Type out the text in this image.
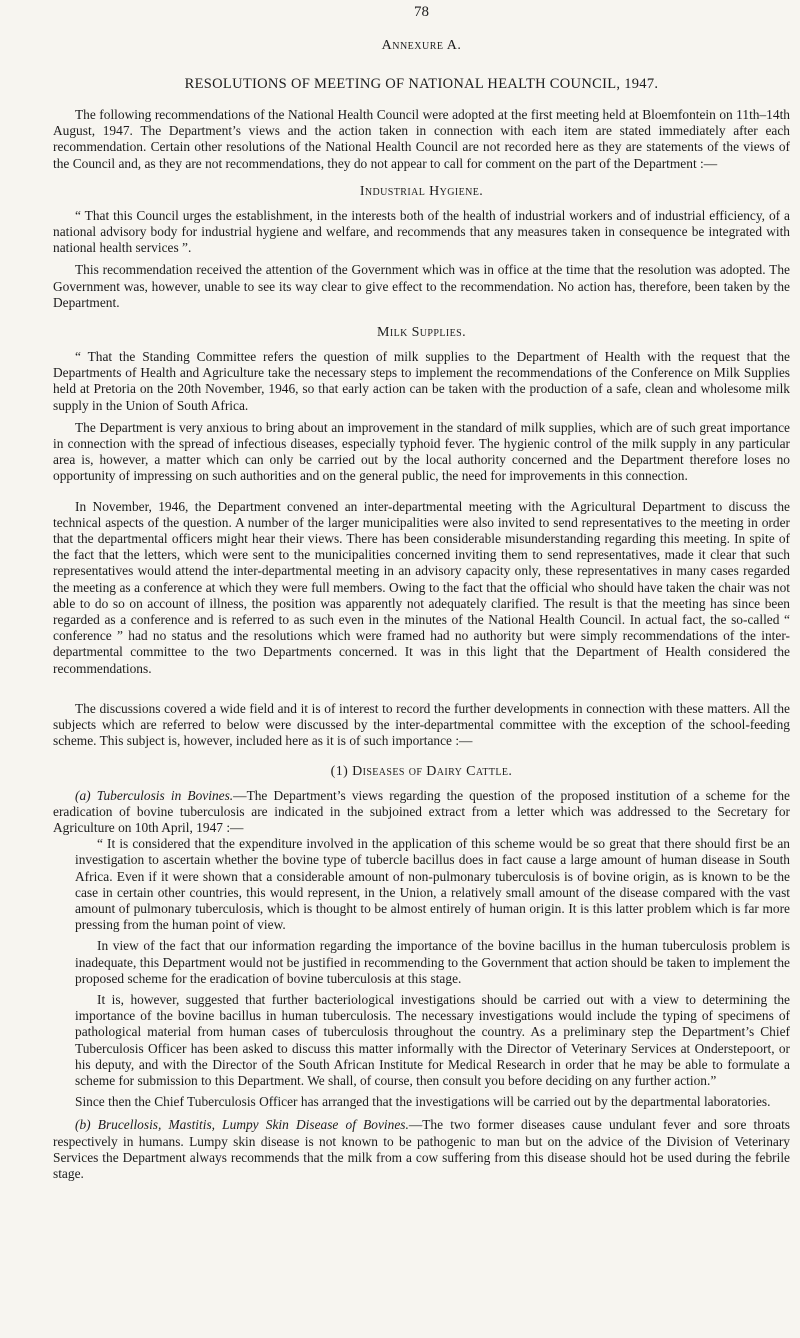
78
Annexure A.
RESOLUTIONS OF MEETING OF NATIONAL HEALTH COUNCIL, 1947.

The following recommendations of the National Health Council were adopted at the first meeting held at Bloemfontein on 11th–14th August, 1947. The Department’s views and the action taken in connection with each item are stated immediately after each recommendation. Certain other resolutions of the National Health Council are not recorded here as they are statements of the views of the Council and, as they are not recommendations, they do not appear to call for comment on the part of the Department :—

Industrial Hygiene.

“ That this Council urges the establishment, in the interests both of the health of industrial workers and of industrial efficiency, of a national advisory body for industrial hygiene and welfare, and recommends that any measures taken in consequence be integrated with national health services ”.

This recommendation received the attention of the Government which was in office at the time that the resolution was adopted. The Government was, however, unable to see its way clear to give effect to the recommendation. No action has, therefore, been taken by the Department.

Milk Supplies.

“ That the Standing Committee refers the question of milk supplies to the Department of Health with the request that the Departments of Health and Agriculture take the necessary steps to implement the recommendations of the Conference on Milk Supplies held at Pretoria on the 20th November, 1946, so that early action can be taken with the production of a safe, clean and wholesome milk supply in the Union of South Africa.

The Department is very anxious to bring about an improvement in the standard of milk supplies, which are of such great importance in connection with the spread of infectious diseases, especially typhoid fever. The hygienic control of the milk supply in any particular area is, however, a matter which can only be carried out by the local authority concerned and the Department therefore loses no opportunity of impressing on such authorities and on the general public, the need for improvements in this connection.

In November, 1946, the Department convened an inter-departmental meeting with the Agricultural Department to discuss the technical aspects of the question. A number of the larger municipalities were also invited to send representatives to the meeting in order that the departmental officers might hear their views. There has been considerable misunderstanding regarding this meeting. In spite of the fact that the letters, which were sent to the municipalities concerned inviting them to send representatives, made it clear that such representatives would attend the inter-departmental meeting in an advisory capacity only, these representatives in many cases regarded the meeting as a conference at which they were full members. Owing to the fact that the official who should have taken the chair was not able to do so on account of illness, the position was apparently not adequately clarified. The result is that the meeting has since been regarded as a conference and is referred to as such even in the minutes of the National Health Council. In actual fact, the so-called “ conference ” had no status and the resolutions which were framed had no authority but were simply recommendations of the inter-departmental committee to the two Departments concerned. It was in this light that the Department of Health considered the recommendations.

The discussions covered a wide field and it is of interest to record the further developments in connection with these matters. All the subjects which are referred to below were discussed by the inter-departmental committee with the exception of the school-feeding scheme. This subject is, however, included here as it is of such importance :—

(1) Diseases of Dairy Cattle.

(a) Tuberculosis in Bovines.—The Department’s views regarding the question of the proposed institution of a scheme for the eradication of bovine tuberculosis are indicated in the subjoined extract from a letter which was addressed to the Secretary for Agriculture on 10th April, 1947 :—

“ It is considered that the expenditure involved in the application of this scheme would be so great that there should first be an investigation to ascertain whether the bovine type of tubercle bacillus does in fact cause a large amount of human disease in South Africa. Even if it were shown that a considerable amount of non-pulmonary tuberculosis is of bovine origin, as is known to be the case in certain other countries, this would represent, in the Union, a relatively small amount of the disease compared with the vast amount of pulmonary tuberculosis, which is thought to be almost entirely of human origin. It is this latter problem which is far more pressing from the human point of view.

In view of the fact that our information regarding the importance of the bovine bacillus in the human tuberculosis problem is inadequate, this Department would not be justified in recommending to the Government that action should be taken to implement the proposed scheme for the eradication of bovine tuberculosis at this stage.

It is, however, suggested that further bacteriological investigations should be carried out with a view to determining the importance of the bovine bacillus in human tuberculosis. The necessary investigations would include the typing of specimens of pathological material from human cases of tuberculosis throughout the country. As a preliminary step the Department’s Chief Tuberculosis Officer has been asked to discuss this matter informally with the Director of Veterinary Services at Onderstepoort, or his deputy, and with the Director of the South African Institute for Medical Research in order that he may be able to formulate a scheme for submission to this Department. We shall, of course, then consult you before deciding on any further action.”

Since then the Chief Tuberculosis Officer has arranged that the investigations will be carried out by the departmental laboratories.

(b) Brucellosis, Mastitis, Lumpy Skin Disease of Bovines.—The two former diseases cause undulant fever and sore throats respectively in humans. Lumpy skin disease is not known to be pathogenic to man but on the advice of the Division of Veterinary Services the Department always recommends that the milk from a cow suffering from this disease should hot be used during the febrile stage.
